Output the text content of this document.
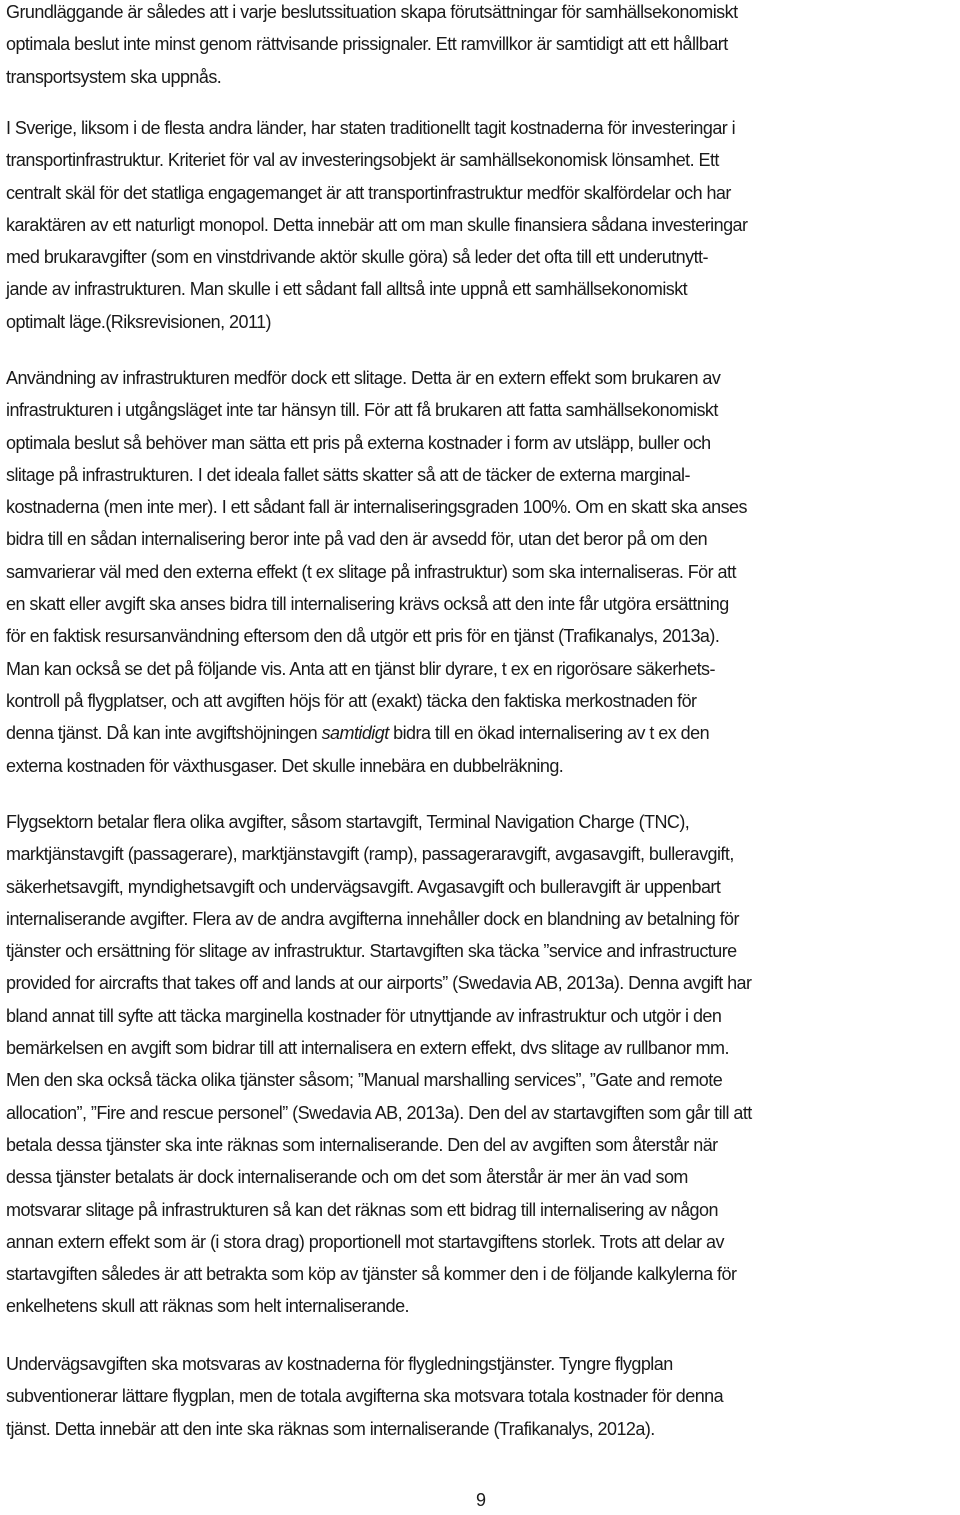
Grundläggande är således att i varje beslutssituation skapa förutsättningar för samhällsekonomiskt
optimala beslut inte minst genom rättvisande prissignaler. Ett ramvillkor är samtidigt att ett hållbart
transportsystem ska uppnås.

I Sverige, liksom i de flesta andra länder, har staten traditionellt tagit kostnaderna för investeringar i
transportinfrastruktur. Kriteriet för val av investeringsobjekt är samhällsekonomisk lönsamhet. Ett
centralt skäl för det statliga engagemanget är att transportinfrastruktur medför skalfördelar och har
karaktären av ett naturligt monopol. Detta innebär att om man skulle finansiera sådana investeringar
med brukaravgifter (som en vinstdrivande aktör skulle göra) så leder det ofta till ett underutnytt-
jande av infrastrukturen. Man skulle i ett sådant fall alltså inte uppnå ett samhällsekonomiskt
optimalt läge.(Riksrevisionen, 2011)

Användning av infrastrukturen medför dock ett slitage. Detta är en extern effekt som brukaren av
infrastrukturen i utgångsläget inte tar hänsyn till. För att få brukaren att fatta samhällsekonomiskt
optimala beslut så behöver man sätta ett pris på externa kostnader i form av utsläpp, buller och
slitage på infrastrukturen. I det ideala fallet sätts skatter så att de täcker de externa marginal-
kostnaderna (men inte mer). I ett sådant fall är internaliseringsgraden 100%. Om en skatt ska anses
bidra till en sådan internalisering beror inte på vad den är avsedd för, utan det beror på om den
samvarierar väl med den externa effekt (t ex slitage på infrastruktur) som ska internaliseras. För att
en skatt eller avgift ska anses bidra till internalisering krävs också att den inte får utgöra ersättning
för en faktisk resursanvändning eftersom den då utgör ett pris för en tjänst (Trafikanalys, 2013a).
Man kan också se det på följande vis. Anta att en tjänst blir dyrare, t ex en rigorösare säkerhets-
kontroll på flygplatser, och att avgiften höjs för att (exakt) täcka den faktiska merkostnaden för
denna tjänst. Då kan inte avgiftshöjningen samtidigt bidra till en ökad internalisering av t ex den
externa kostnaden för växthusgaser. Det skulle innebära en dubbelräkning.

Flygsektorn betalar flera olika avgifter, såsom startavgift, Terminal Navigation Charge (TNC),
marktjänstavgift (passagerare), marktjänstavgift (ramp), passageraravgift, avgasavgift, bulleravgift,
säkerhetsavgift, myndighetsavgift och undervägsavgift. Avgasavgift och bulleravgift är uppenbart
internaliserande avgifter. Flera av de andra avgifterna innehåller dock en blandning av betalning för
tjänster och ersättning för slitage av infrastruktur. Startavgiften ska täcka ”service and infrastructure
provided for aircrafts that takes off and lands at our airports” (Swedavia AB, 2013a). Denna avgift har
bland annat till syfte att täcka marginella kostnader för utnyttjande av infrastruktur och utgör i den
bemärkelsen en avgift som bidrar till att internalisera en extern effekt, dvs slitage av rullbanor mm.
Men den ska också täcka olika tjänster såsom; ”Manual marshalling services”, ”Gate and remote
allocation”, ”Fire and rescue personel” (Swedavia AB, 2013a). Den del av startavgiften som går till att
betala dessa tjänster ska inte räknas som internaliserande. Den del av avgiften som återstår när
dessa tjänster betalats är dock internaliserande och om det som återstår är mer än vad som
motsvarar slitage på infrastrukturen så kan det räknas som ett bidrag till internalisering av någon
annan extern effekt som är (i stora drag) proportionell mot startavgiftens storlek. Trots att delar av
startavgiften således är att betrakta som köp av tjänster så kommer den i de följande kalkylerna för
enkelhetens skull att räknas som helt internaliserande.

Undervägsavgiften ska motsvaras av kostnaderna för flygledningstjänster. Tyngre flygplan
subventionerar lättare flygplan, men de totala avgifterna ska motsvara totala kostnader för denna
tjänst. Detta innebär att den inte ska räknas som internaliserande (Trafikanalys, 2012a).

9
